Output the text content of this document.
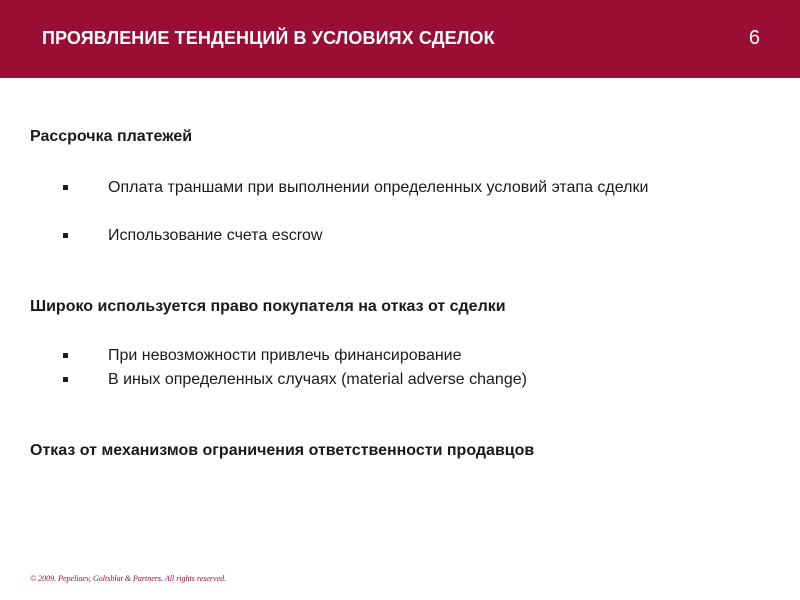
ПРОЯВЛЕНИЕ ТЕНДЕНЦИЙ В УСЛОВИЯХ СДЕЛОК	6
Рассрочка платежей
Оплата траншами при выполнении определенных условий этапа сделки
Использование счета escrow
Широко используется право покупателя на отказ от сделки
При невозможности привлечь финансирование
В иных определенных случаях (material adverse change)
Отказ от механизмов ограничения ответственности продавцов
© 2009. Pepeliaev, Goltsblat & Partners. All rights reserved.
